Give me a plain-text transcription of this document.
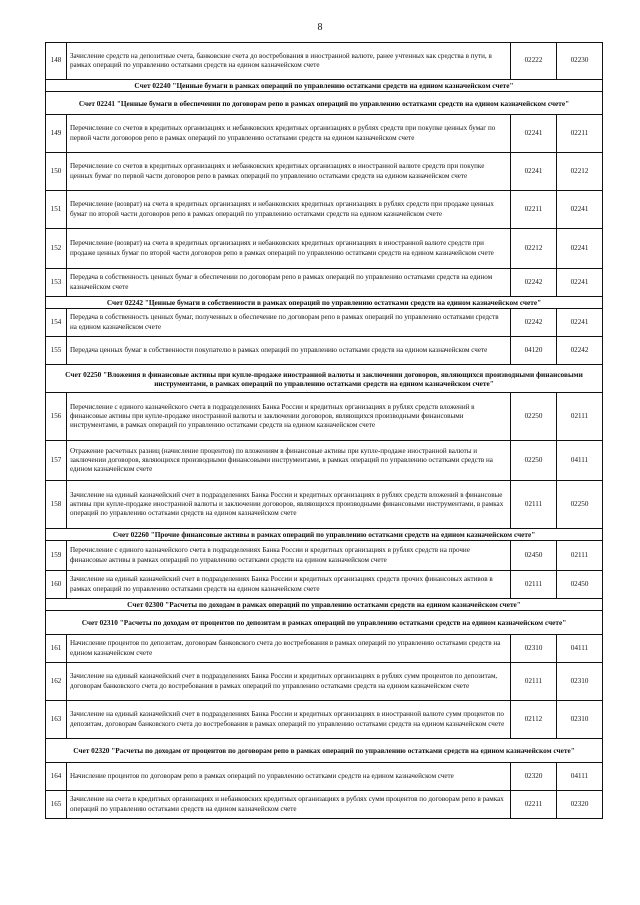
8
148	Зачисление средств на депозитные счета, банковские счета до востребования в иностранной валюте, ранее учтенных как средства в пути, в рамках операций по управлению остатками средств на едином казначейском счете	02222	02230
Счет 02240 "Ценные бумаги в рамках операций по управлению остатками средств на едином казначейском счете"			
Счет 02241 "Ценные бумаги в обеспечении по договорам репо в рамках операций по управлению остатками средств на едином казначейском счете"			
149	Перечисление со счетов в кредитных организациях и небанковских кредитных организациях в рублях средств при покупке ценных бумаг по первой части договоров репо в рамках операций по управлению остатками средств на едином казначейском счете	02241	02211
150	Перечисление со счетов в кредитных организациях и небанковских кредитных организациях в иностранной валюте средств при покупке ценных бумаг по первой части договоров репо в рамках операций по управлению остатками средств на едином казначейском счете	02241	02212
151	Перечисление (возврат) на счета в кредитных организациях и небанковских кредитных организациях в рублях средств при продаже ценных бумаг по второй части договоров репо в рамках операций по управлению остатками средств на едином казначейском счете	02211	02241
152	Перечисление (возврат) на счета в кредитных организациях и небанковских кредитных организациях в иностранной валюте средств при продаже ценных бумаг по второй части договоров репо в рамках операций по управлению остатками средств на едином казначейском счете	02212	02241
153	Передача в собственность ценных бумаг в обеспечении по договорам репо в рамках операций по управлению остатками средств на едином казначейском счете	02242	02241
Счет 02242 "Ценные бумаги в собственности в рамках операций по управлению остатками средств на едином казначейском счете"			
154	Передача в собственность ценных бумаг, полученных в обеспечение по договорам репо в рамках операций по управлению остатками средств на едином казначейском счете	02242	02241
155	Передача ценных бумаг в собственности покупателю в рамках операций по управлению остатками средств на едином казначейском счете	04120	02242
Счет 02250 "Вложения в финансовые активы при купле-продаже иностранной валюты и заключении договоров, являющихся производными финансовыми инструментами, в рамках операций по управлению остатками средств на едином казначейском счете"			
156	Перечисление с единого казначейского счета в подразделениях Банка России и кредитных организациях в рублях средств вложений в финансовые активы при купле-продаже иностранной валюты и заключении договоров, являющихся производными финансовыми инструментами, в рамках операций по управлению остатками средств на едином казначейском счете	02250	02111
157	Отражение расчетных разниц (начисление процентов) по вложениям в финансовые активы при купле-продаже иностранной валюты и заключении договоров, являющихся производными финансовыми инструментами, в рамках операций по управлению остатками средств на едином казначейском счете	02250	04111
158	Зачисление на единый казначейский счет в подразделениях Банка России и кредитных организациях в рублях средств вложений в финансовые активы при купле-продаже иностранной валюты и заключении договоров, являющихся производными финансовыми инструментами, в рамках операций по управлению остатками средств на едином казначейском счете	02111	02250
Счет 02260 "Прочие финансовые активы в рамках операций по управлению остатками средств на едином казначейском счете"			
159	Перечисление с единого казначейского счета в подразделениях Банка России и кредитных организациях в рублях средств на прочие финансовые активы в рамках операций по управлению остатками средств на едином казначейском счете	02450	02111
160	Зачисление на единый казначейский счет в подразделениях Банка России и кредитных организациях средств прочих финансовых активов в рамках операций по управлению остатками средств на едином казначейском счете	02111	02450
Счет 02300 "Расчеты по доходам в рамках операций по управлению остатками средств на едином казначейском счете"			
Счет 02310 "Расчеты по доходам от процентов по депозитам в рамках операций по управлению остатками средств на едином казначейском счете"			
161	Начисление процентов по депозитам, договорам банковского счета до востребования в рамках операций по управлению остатками средств на едином казначейском счете	02310	04111
162	Зачисление на единый казначейский счет в подразделениях Банка России и кредитных организациях в рублях сумм процентов по депозитам, договорам банковского счета до востребования в рамках операций по управлению остатками средств на едином казначейском счете	02111	02310
163	Зачисление на единый казначейский счет в подразделениях Банка России и кредитных организациях в иностранной валюте сумм процентов по депозитам, договорам банковского счета до востребования в рамках операций по управлению остатками средств на едином казначейском счете	02112	02310
Счет 02320 "Расчеты по доходам от процентов по договорам репо в рамках операций по управлению остатками средств на едином казначейском счете"			
164	Начисление процентов по договорам репо в рамках операций по управлению остатками средств на едином казначейском счете	02320	04111
165	Зачисление на счета в кредитных организациях и небанковских кредитных организациях в рублях сумм процентов по договорам репо в рамках операций по управлению остатками средств на едином казначейском счете	02211	02320
